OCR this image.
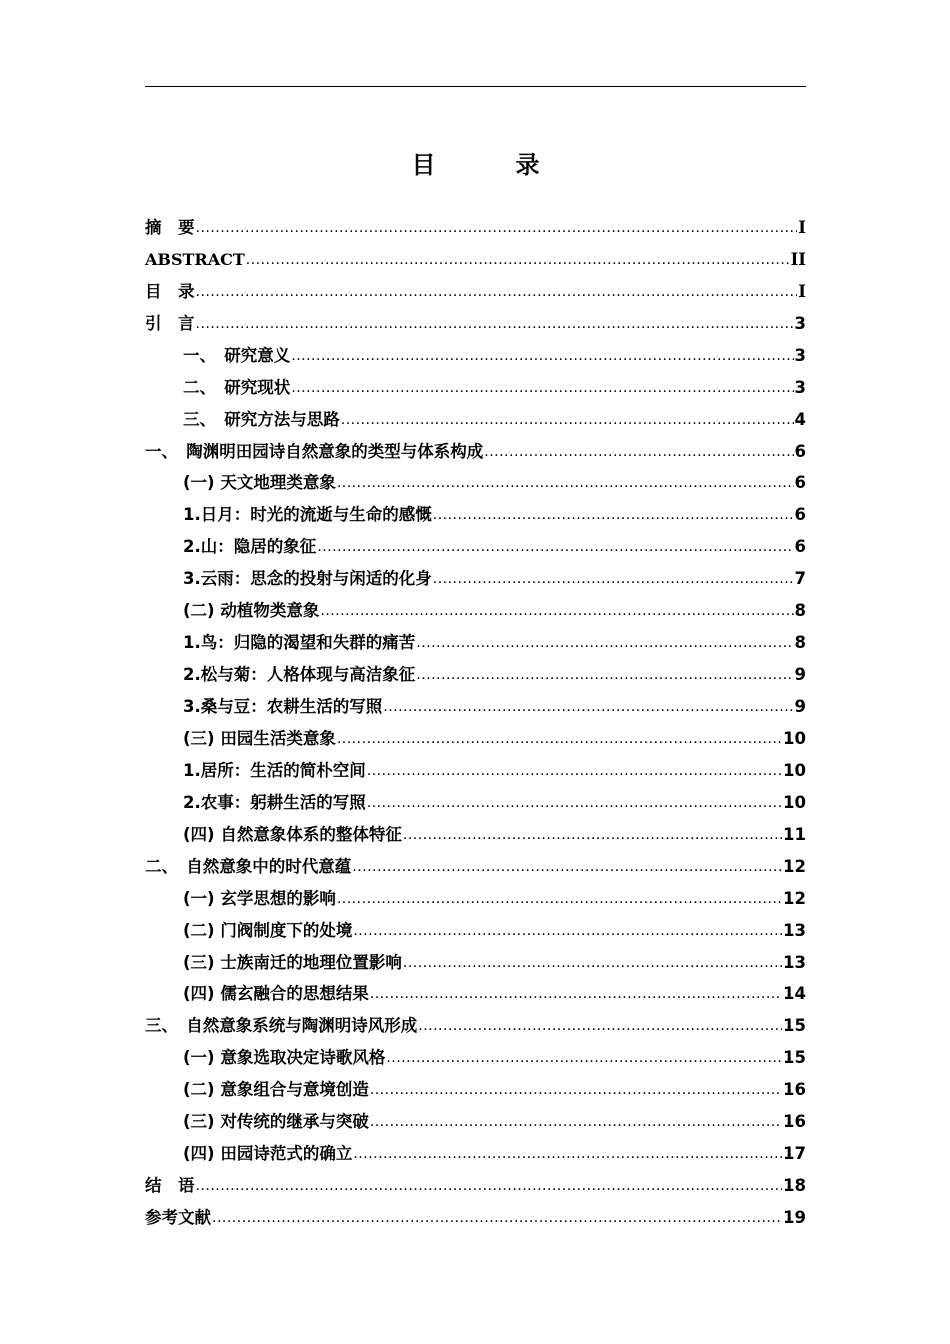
目　录
摘　要 .....	I
ABSTRACT .....	II
目　录 .....	I
引　言 .....	3
一、　研究意义 .....	3
二、　研究现状 .....	3
三、　研究方法与思路 .....	4
一、　陶渊明田园诗自然意象的类型与体系构成 .....	6
(一) 天文地理类意象 .....	6
1.日月：时光的流逝与生命的感慨 .....	6
2.山：隐居的象征 .....	6
3.云雨：思念的投射与闲适的化身 .....	7
(二) 动植物类意象 .....	8
1.鸟：归隐的渴望和失群的痛苦 .....	8
2.松与菊：人格体现与高洁象征 .....	9
3.桑与豆：农耕生活的写照 .....	9
(三) 田园生活类意象 .....	10
1.居所：生活的简朴空间 .....	10
2.农事：躬耕生活的写照 .....	10
(四) 自然意象体系的整体特征 .....	11
二、　自然意象中的时代意蕴 .....	12
(一) 玄学思想的影响 .....	12
(二) 门阀制度下的处境 .....	13
(三) 士族南迁的地理位置影响 .....	13
(四) 儒玄融合的思想结果 .....	14
三、　自然意象系统与陶渊明诗风形成 .....	15
(一) 意象选取决定诗歌风格 .....	15
(二) 意象组合与意境创造 .....	16
(三) 对传统的继承与突破 .....	16
(四) 田园诗范式的确立 .....	17
结　语 .....	18
参考文献 .....	19
